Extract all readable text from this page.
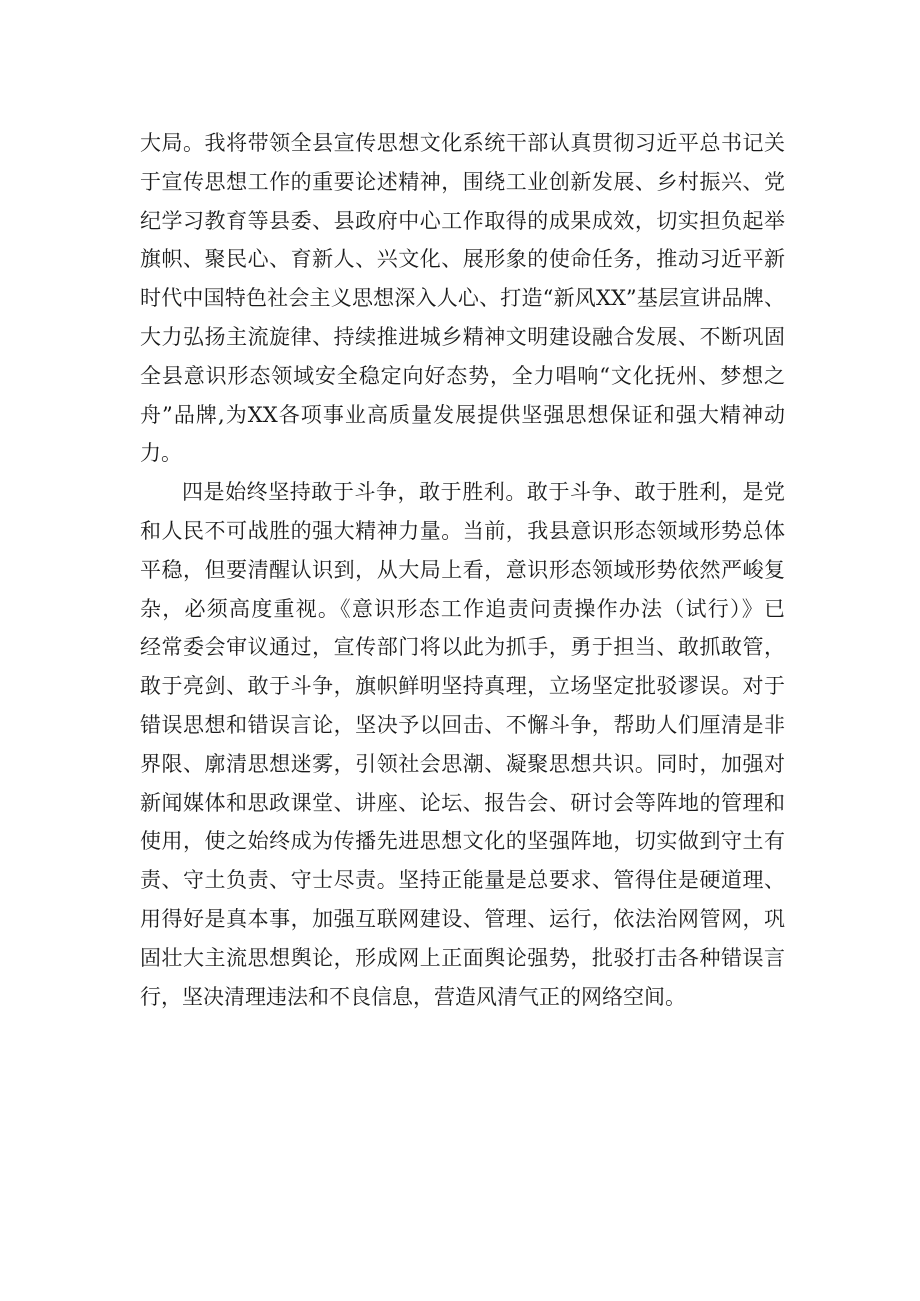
大局。我将带领全县宣传思想文化系统干部认真贯彻习近平总书记关
于宣传思想工作的重要论述精神，围绕工业创新发展、乡村振兴、党
纪学习教育等县委、县政府中心工作取得的成果成效，切实担负起举
旗帜、聚民心、育新人、兴文化、展形象的使命任务，推动习近平新
时代中国特色社会主义思想深入人心、打造“新风XX”基层宣讲品牌、
大力弘扬主流旋律、持续推进城乡精神文明建设融合发展、不断巩固
全县意识形态领域安全稳定向好态势，全力唱响“文化抚州、梦想之
舟”品牌,为XX各项事业高质量发展提供坚强思想保证和强大精神动
力。
四是始终坚持敢于斗争，敢于胜利。敢于斗争、敢于胜利，是党
和人民不可战胜的强大精神力量。当前，我县意识形态领域形势总体
平稳，但要清醒认识到，从大局上看，意识形态领域形势依然严峻复
杂，必须高度重视。《意识形态工作追责问责操作办法（试行）》已
经常委会审议通过，宣传部门将以此为抓手，勇于担当、敢抓敢管，
敢于亮剑、敢于斗争，旗帜鲜明坚持真理，立场坚定批驳谬误。对于
错误思想和错误言论，坚决予以回击、不懈斗争，帮助人们厘清是非
界限、廓清思想迷雾，引领社会思潮、凝聚思想共识。同时，加强对
新闻媒体和思政课堂、讲座、论坛、报告会、研讨会等阵地的管理和
使用，使之始终成为传播先进思想文化的坚强阵地，切实做到守土有
责、守土负责、守士尽责。坚持正能量是总要求、管得住是硬道理、
用得好是真本事，加强互联网建设、管理、运行，依法治网管网，巩
固壮大主流思想舆论，形成网上正面舆论强势，批驳打击各种错误言
行，坚决清理违法和不良信息，营造风清气正的网络空间。
